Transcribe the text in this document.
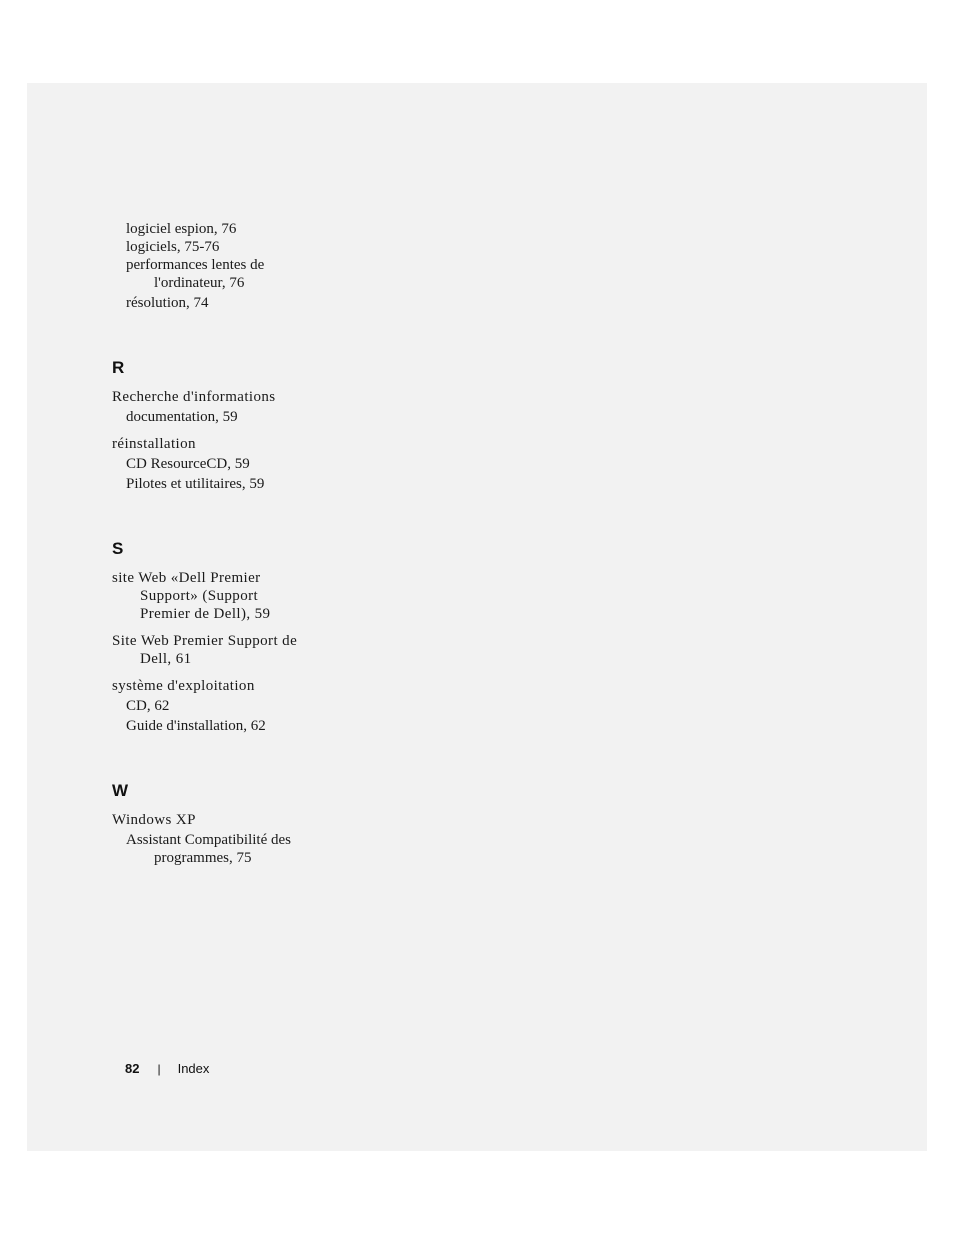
logiciel espion, 76

logiciels, 75-76

performances lentes de

l'ordinateur, 76

résolution, 74

R

Recherche d'informations

documentation, 59

réinstallation

CD ResourceCD, 59

Pilotes et utilitaires, 59

S

site Web «Dell Premier

Support» (Support

Premier de Dell), 59

Site Web Premier Support de

Dell, 61

système d'exploitation

CD, 62

Guide d'installation, 62

W

Windows XP

Assistant Compatibilité des

programmes, 75

82 | Index
